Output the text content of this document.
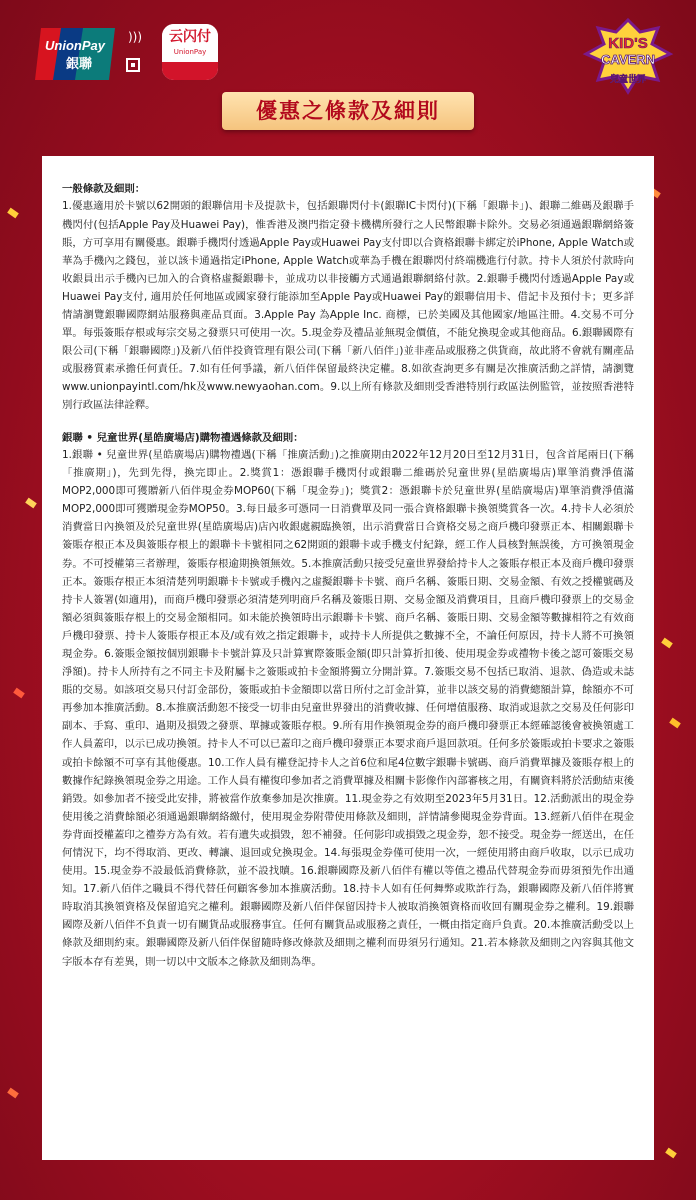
UnionPay
銀聯
)))	云闪付
UnionPay	KID'S
CAVERN
兒童世界
優惠之條款及細則

一般條款及細則：

1.優惠適用於卡號以62開頭的銀聯信用卡及提款卡，包括銀聯閃付卡(銀聯IC卡閃付)(下稱「銀聯卡」)、銀聯二維碼及銀聯手機閃付(包括Apple Pay及Huawei Pay)，惟香港及澳門指定發卡機構所發行之人民幣銀聯卡除外。交易必須通過銀聯網絡簽賬，方可享用有關優惠。銀聯手機閃付透過Apple Pay或Huawei Pay支付即以合資格銀聯卡綁定於iPhone, Apple Watch或華為手機內之錢包，並以該卡通過指定iPhone, Apple Watch或華為手機在銀聯閃付終端機進行付款。持卡人須於付款時向收銀員出示手機內已加入的合資格虛擬銀聯卡，並成功以非接觸方式通過銀聯網絡付款。2.銀聯手機閃付透過Apple Pay或Huawei Pay支付, 適用於任何地區或國家發行能添加至Apple Pay或Huawei Pay的銀聯信用卡、借記卡及預付卡；更多詳情請瀏覽銀聯國際網站服務與產品頁面。3.Apple Pay 為Apple Inc. 商標，已於美國及其他國家/地區注冊。4.交易不可分單。每張簽賬存根或每宗交易之發票只可使用一次。5.現金券及禮品並無現金價值，不能兌換現金或其他商品。6.銀聯國際有限公司(下稱「銀聯國際」)及新八佰伴投資管理有限公司(下稱「新八佰伴」)並非產品或服務之供貨商，故此將不會就有關產品或服務質素承擔任何責任。7.如有任何爭議，新八佰伴保留最終決定權。8.如欲查詢更多有關是次推廣活動之詳情，請瀏覽www.unionpayintl.com/hk及www.newyaohan.com。9.以上所有條款及細則受香港特別行政區法例監管，並按照香港特別行政區法律詮釋。

銀聯 • 兒童世界(星皓廣場店)購物禮遇條款及細則：

1.銀聯 • 兒童世界(星皓廣場店)購物禮遇(下稱「推廣活動」)之推廣期由2022年12月20日至12月31日，包含首尾兩日(下稱「推廣期」)，先到先得，換完即止。2.獎賞1：憑銀聯手機閃付或銀聯二維碼於兒童世界(星皓廣場店)單筆消費淨值滿MOP2,000即可獲贈新八佰伴現金券MOP60(下稱「現金券」)；獎賞2：憑銀聯卡於兒童世界(星皓廣場店)單筆消費淨值滿MOP2,000即可獲贈現金券MOP50。3.每日最多可憑同一日消費單及同一張合資格銀聯卡換領獎賞各一次。4.持卡人必須於消費當日內換領及於兒童世界(星皓廣場店)店內收銀處親臨換領，出示消費當日合資格交易之商戶機印發票正本、相關銀聯卡簽賬存根正本及與簽賬存根上的銀聯卡卡號相同之62開頭的銀聯卡或手機支付紀錄，經工作人員核對無誤後，方可換領現金券。不可授權第三者辦理，簽賬存根逾期換領無效。5.本推廣活動只接受兒童世界發給持卡人之簽賬存根正本及商戶機印發票正本。簽賬存根正本須清楚列明銀聯卡卡號或手機內之虛擬銀聯卡卡號、商戶名稱、簽賬日期、交易金額、有效之授權號碼及持卡人簽署(如適用)，而商戶機印發票必須清楚列明商戶名稱及簽賬日期、交易金額及消費項目，且商戶機印發票上的交易金額必須與簽賬存根上的交易金額相同。如未能於換領時出示銀聯卡卡號、商戶名稱、簽賬日期、交易金額等數據相符之有效商戶機印發票、持卡人簽賬存根正本及/或有效之指定銀聯卡，或持卡人所提供之數據不全，不論任何原因，持卡人將不可換領現金券。6.簽賬金額按個別銀聯卡卡號計算及只計算實際簽賬金額(即只計算折扣後、使用現金券或禮物卡後之認可簽賬交易淨額)。持卡人所持有之不同主卡及附屬卡之簽賬或拍卡金額將獨立分開計算。7.簽賬交易不包括已取消、退款、偽造或未誌賬的交易。如該項交易只付訂金部份，簽賬或拍卡金額即以當日所付之訂金計算，並非以該交易的消費總額計算，餘額亦不可再參加本推廣活動。8.本推廣活動恕不接受一切非由兒童世界發出的消費收據、任何增值服務、取消或退款之交易及任何影印副本、手寫、重印、過期及損毀之發票、單據或簽賬存根。9.所有用作換領現金券的商戶機印發票正本經確認後會被換領處工作人員蓋印，以示已成功換領。持卡人不可以已蓋印之商戶機印發票正本要求商戶退回款項。任何多於簽賬或拍卡要求之簽賬或拍卡餘額不可享有其他優惠。10.工作人員有權登記持卡人之首6位和尾4位數字銀聯卡號碼、商戶消費單據及簽賬存根上的數據作紀錄換領現金券之用途。工作人員有權復印參加者之消費單據及相關卡影像作內部審核之用，有關資料將於活動結束後銷毀。如參加者不接受此安排，將被當作放棄參加是次推廣。11.現金券之有效期至2023年5月31日。12.活動派出的現金券使用後之消費餘額必須通過銀聯網絡繳付，使用現金券附帶使用條款及細則，詳情請參閱現金券背面。13.經新八佰伴在現金券背面授權蓋印之禮券方為有效。若有遺失或損毀，恕不補發。任何影印或損毀之現金券，恕不接受。現金券一經送出，在任何情況下，均不得取消、更改、轉讓、退回或兌換現金。14.每張現金券僅可使用一次，一經使用將由商戶收取，以示已成功使用。15.現金券不設最低消費條款，並不設找贖。16.銀聯國際及新八佰伴有權以等值之禮品代替現金券而毋須預先作出通知。17.新八佰伴之職員不得代替任何顧客參加本推廣活動。18.持卡人如有任何舞弊或欺詐行為，銀聯國際及新八佰伴將實時取消其換領資格及保留追究之權利。銀聯國際及新八佰伴保留因持卡人被取消換領資格而收回有關現金券之權利。19.銀聯國際及新八佰伴不負責一切有關貨品或服務事宜。任何有關貨品或服務之責任，一概由指定商戶負責。20.本推廣活動受以上條款及細則約束。銀聯國際及新八佰伴保留隨時修改條款及細則之權利而毋須另行通知。21.若本條款及細則之內容與其他文字版本存有差異，則一切以中文版本之條款及細則為準。
